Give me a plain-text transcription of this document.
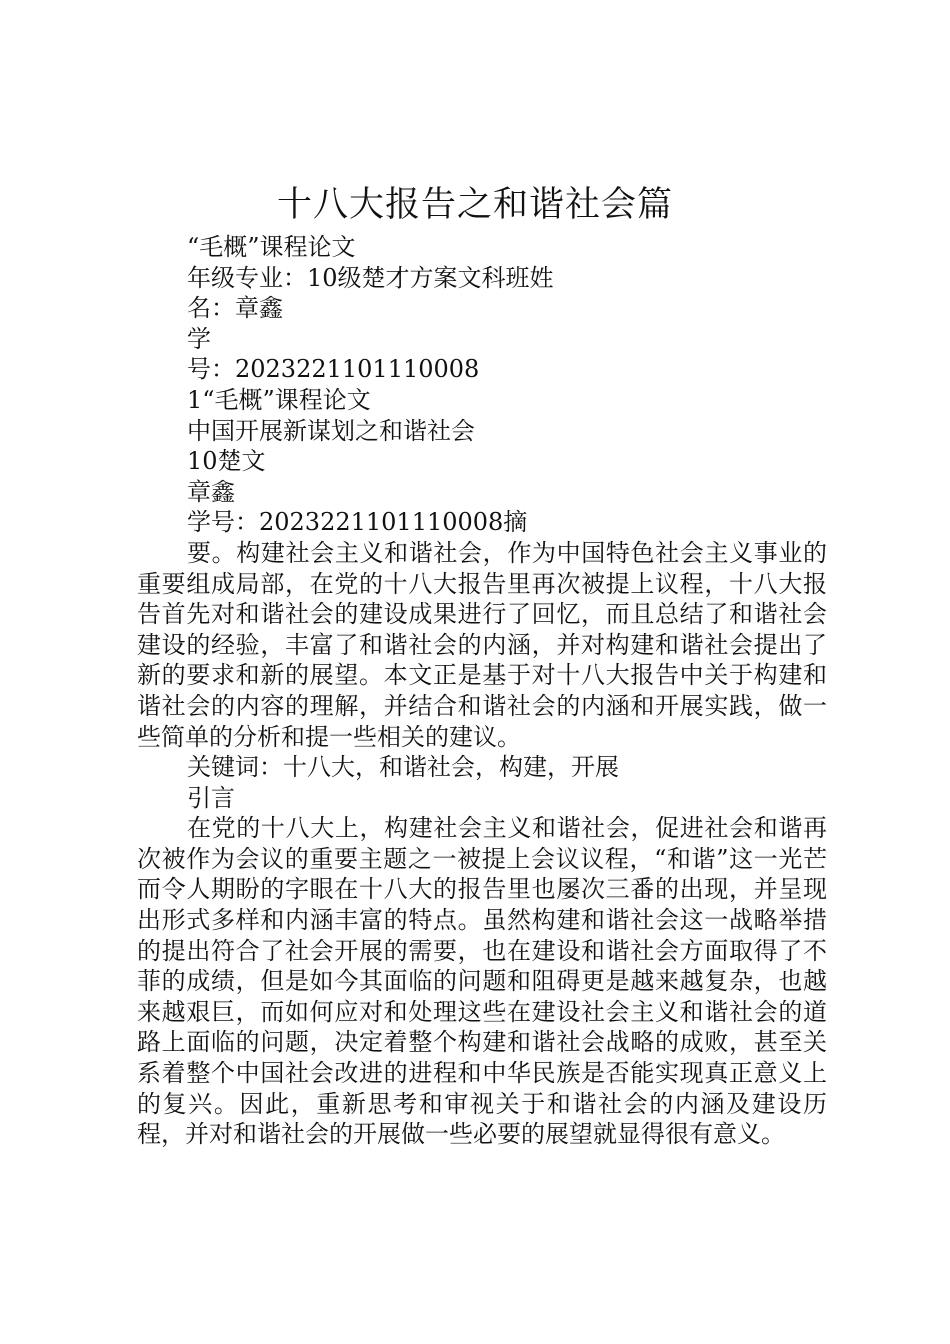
十八大报告之和谐社会篇
“毛概”课程论文
年级专业：10级楚才方案文科班姓
名：章鑫
学
号：2023221101110008
1“毛概”课程论文
中国开展新谋划之和谐社会
10楚文
章鑫
学号：2023221101110008摘

要。构建社会主义和谐社会，作为中国特色社会主义事业的重要组成局部，在党的十八大报告里再次被提上议程，十八大报告首先对和谐社会的建设成果进行了回忆，而且总结了和谐社会建设的经验，丰富了和谐社会的内涵，并对构建和谐社会提出了新的要求和新的展望。本文正是基于对十八大报告中关于构建和谐社会的内容的理解，并结合和谐社会的内涵和开展实践，做一些简单的分析和提一些相关的建议。

关键词：十八大，和谐社会，构建，开展
引言

在党的十八大上，构建社会主义和谐社会，促进社会和谐再次被作为会议的重要主题之一被提上会议议程，“和谐”这一光芒而令人期盼的字眼在十八大的报告里也屡次三番的出现，并呈现出形式多样和内涵丰富的特点。虽然构建和谐社会这一战略举措的提出符合了社会开展的需要，也在建设和谐社会方面取得了不菲的成绩，但是如今其面临的问题和阻碍更是越来越复杂，也越来越艰巨，而如何应对和处理这些在建设社会主义和谐社会的道路上面临的问题，决定着整个构建和谐社会战略的成败，甚至关系着整个中国社会改进的进程和中华民族是否能实现真正意义上的复兴。因此，重新思考和审视关于和谐社会的内涵及建设历程，并对和谐社会的开展做一些必要的展望就显得很有意义。
